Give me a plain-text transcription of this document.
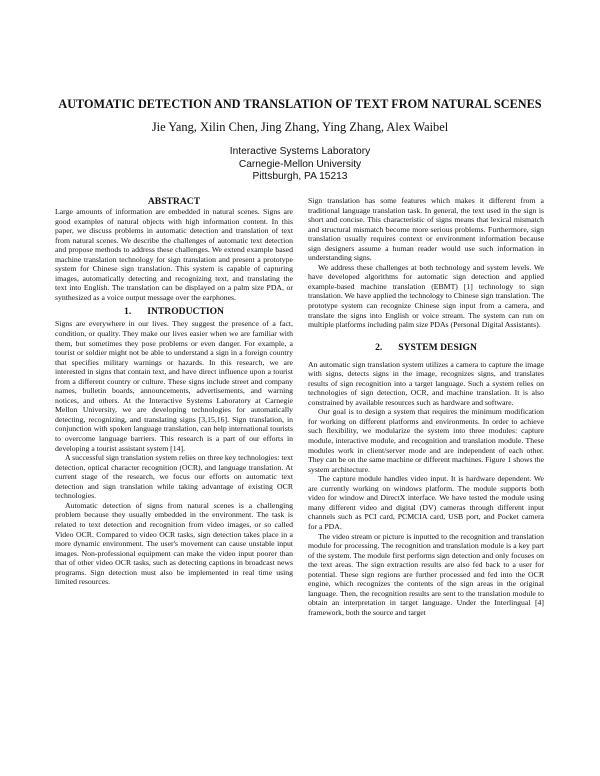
AUTOMATIC DETECTION AND TRANSLATION OF TEXT FROM NATURAL SCENES
Jie Yang, Xilin Chen, Jing Zhang, Ying Zhang, Alex Waibel
Interactive Systems Laboratory
Carnegie-Mellon University
Pittsburgh, PA 15213
ABSTRACT

Large amounts of information are embedded in natural scenes. Signs are good examples of natural objects with high information content. In this paper, we discuss problems in automatic detection and translation of text from natural scenes. We describe the challenges of automatic text detection and propose methods to address these challenges. We extend example based machine translation technology for sign translation and present a prototype system for Chinese sign translation. This system is capable of capturing images, automatically detecting and recognizing text, and translating the text into English. The translation can be displayed on a palm size PDA, or synthesized as a voice output message over the earphones.

1. INTRODUCTION

Signs are everywhere in our lives. They suggest the presence of a fact, condition, or quality. They make our lives easier when we are familiar with them, but sometimes they pose problems or even danger. For example, a tourist or soldier might not be able to understand a sign in a foreign country that specifies military warnings or hazards. In this research, we are interested in signs that contain text, and have direct influence upon a tourist from a different country or culture. These signs include street and company names, bulletin boards, announcements, advertisements, and warning notices, and others. At the Interactive Systems Laboratory at Carnegie Mellon University, we are developing technologies for automatically detecting, recognizing, and translating signs [3,15,16]. Sign translation, in conjunction with spoken language translation, can help international tourists to overcome language barriers. This research is a part of our efforts in developing a tourist assistant system [14].

A successful sign translation system relies on three key technologies: text detection, optical character recognition (OCR), and language translation. At current stage of the research, we focus our efforts on automatic text detection and sign translation while taking advantage of existing OCR technologies.

Automatic detection of signs from natural scenes is a challenging problem because they usually embedded in the environment. The task is related to text detection and recognition from video images, or so called Video OCR. Compared to video OCR tasks, sign detection takes place in a more dynamic environment. The user's movement can cause unstable input images. Non-professional equipment can make the video input poorer than that of other video OCR tasks, such as detecting captions in broadcast news programs. Sign detection must also be implemented in real time using limited resources.

Sign translation has some features which makes it different from a traditional language translation task. In general, the text used in the sign is short and concise. This characteristic of signs means that lexical mismatch and structural mismatch become more serious problems. Furthermore, sign translation usually requires context or environment information because sign designers assume a human reader would use such information in understanding signs.

We address these challenges at both technology and system levels. We have developed algorithms for automatic sign detection and applied example-based machine translation (EBMT) [1] technology to sign translation. We have applied the technology to Chinese sign translation. The prototype system can recognize Chinese sign input from a camera, and translate the signs into English or voice stream. The system can run on multiple platforms including palm size PDAs (Personal Digital Assistants).

2. SYSTEM DESIGN

An automatic sign translation system utilizes a camera to capture the image with signs, detects signs in the image, recognizes signs, and translates results of sign recognition into a target language. Such a system relies on technologies of sign detection, OCR, and machine translation. It is also constrained by available resources such as hardware and software.

Our goal is to design a system that requires the minimum modification for working on different platforms and environments. In order to achieve such flexibility, we modularize the system into three modules: capture module, interactive module, and recognition and translation module. These modules work in client/server mode and are independent of each other. They can be on the same machine or different machines. Figure 1 shows the system architecture.

The capture module handles video input. It is hardware dependent. We are currently working on windows platform. The module supports both video for window and DirectX interface. We have tested the module using many different video and digital (DV) cameras through different input channels such as PCI card, PCMCIA card, USB port, and Pocket camera for a PDA.

The video stream or picture is inputted to the recognition and translation module for processing. The recognition and translation module is a key part of the system. The module first performs sign detection and only focuses on the text areas. The sign extraction results are also fed back to a user for potential. These sign regions are further processed and fed into the OCR engine, which recognizes the contents of the sign areas in the original language. Then, the recognition results are sent to the translation module to obtain an interpretation in target language. Under the Interlingual [4] framework, both the source and target
